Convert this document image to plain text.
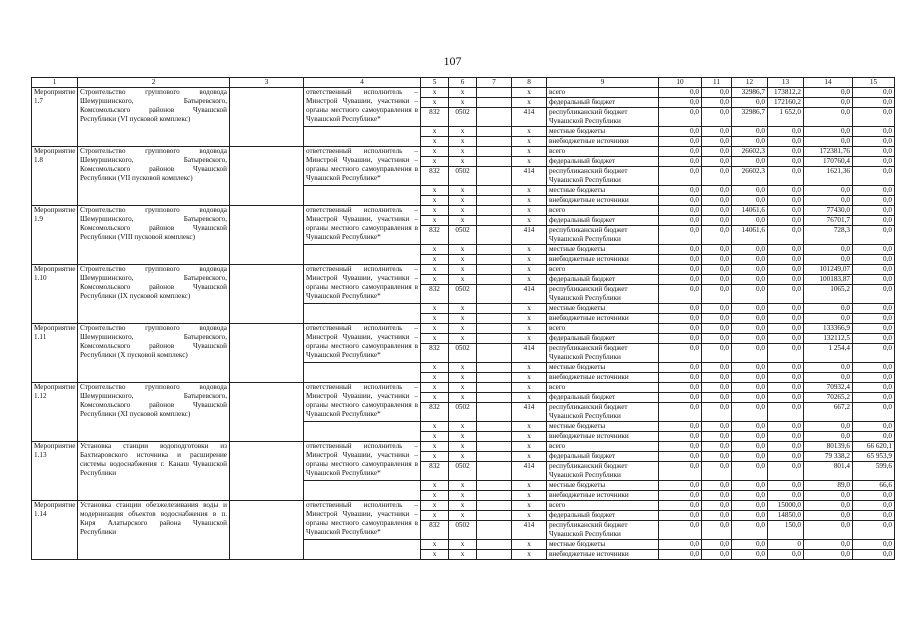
107
1	2	3	4	5	6	7	8	9	10	11	12	13	14	15
Мероприятие 1.7	Строительство группового водовода Шемуршинского, Батыревского, Комсомольского районов Чувашской Республики (VI пусковой комплекс)		ответственный исполнитель – Минстрой Чувашии, участники – органы местного самоуправления в Чувашской Республике*	x	x		x	всего	0,0	0,0	32986,7	173812,2	0,0	0,0
				x	x		x	федеральный бюджет	0,0	0,0	0,0	172160,2	0,0	0,0
				832	0502		414	республиканский бюджет Чувашской Республики	0,0	0,0	32986,7	1 652,0	0,0	0,0
				x	x		x	местные бюджеты	0,0	0,0	0,0	0,0	0,0	0,0
				x	x		x	внебюджетные источники	0,0	0,0	0,0	0,0	0,0	0,0
Мероприятие 1.8	Строительство группового водовода Шемуршинского, Батыревского, Комсомольского районов Чувашской Республики (VII пусковой комплекс)		ответственный исполнитель – Минстрой Чувашии, участники – органы местного самоуправления в Чувашской Республике*	x	x		x	всего	0,0	0,0	26602,3	0,0	172381,76	0,0
				x	x		x	федеральный бюджет	0,0	0,0	0,0	0,0	170760,4	0,0
				832	0502		414	республиканский бюджет Чувашской Республики	0,0	0,0	26602,3	0,0	1621,36	0,0
				x	x		x	местные бюджеты	0,0	0,0	0,0	0,0	0,0	0,0
				x	x		x	внебюджетные источники	0,0	0,0	0,0	0,0	0,0	0,0
Мероприятие 1.9	Строительство группового водовода Шемуршинского, Батыревского, Комсомольского районов Чувашской Республики (VIII пусковой комплекс)		ответственный исполнитель – Минстрой Чувашии, участники – органы местного самоуправления в Чувашской Республике*	x	x		x	всего	0,0	0,0	14061,6	0,0	77430,0	0,0
				x	x		x	федеральный бюджет	0,0	0,0	0,0	0,0	76701,7	0,0
				832	0502		414	республиканский бюджет Чувашской Республики	0,0	0,0	14061,6	0,0	728,3	0,0
				x	x		x	местные бюджеты	0,0	0,0	0,0	0,0	0,0	0,0
				x	x		x	внебюджетные источники	0,0	0,0	0,0	0,0	0,0	0,0
Мероприятие 1.10	Строительство группового водовода Шемуршинского, Батыревского, Комсомольского районов Чувашской Республики (IX пусковой комплекс)		ответственный исполнитель – Минстрой Чувашии, участники – органы местного самоуправления в Чувашской Республике*	x	x		x	всего	0,0	0,0	0,0	0,0	101249,07	0,0
				x	x		x	федеральный бюджет	0,0	0,0	0,0	0,0	100183,87	0,0
				832	0502		414	республиканский бюджет Чувашской Республики	0,0	0,0	0,0	0,0	1065,2	0,0
				x	x		x	местные бюджеты	0,0	0,0	0,0	0,0	0,0	0,0
				x	x		x	внебюджетные источники	0,0	0,0	0,0	0,0	0,0	0,0
Мероприятие 1.11	Строительство группового водовода Шемуршинского, Батыревского, Комсомольского районов Чувашской Республики (X пусковой комплекс)		ответственный исполнитель – Минстрой Чувашии, участники – органы местного самоуправления в Чувашской Республике*	x	x		x	всего	0,0	0,0	0,0	0,0	133366,9	0,0
				x	x		x	федеральный бюджет	0,0	0,0	0,0	0,0	132112,5	0,0
				832	0502		414	республиканский бюджет Чувашской Республики	0,0	0,0	0,0	0,0	1 254,4	0,0
				x	x		x	местные бюджеты	0,0	0,0	0,0	0,0	0,0	0,0
				x	x		x	внебюджетные источники	0,0	0,0	0,0	0,0	0,0	0,0
Мероприятие 1.12	Строительство группового водовода Шемуршинского, Батыревского, Комсомольского районов Чувашской Республики (XI пусковой комплекс)		ответственный исполнитель – Минстрой Чувашии, участники – органы местного самоуправления в Чувашской Республике*	x	x		x	всего	0,0	0,0	0,0	0,0	70932,4	0,0
				x	x		x	федеральный бюджет	0,0	0,0	0,0	0,0	70265,2	0,0
				832	0502		414	республиканский бюджет Чувашской Республики	0,0	0,0	0,0	0,0	667,2	0,0
				x	x		x	местные бюджеты	0,0	0,0	0,0	0,0	0,0	0,0
				x	x		x	внебюджетные источники	0,0	0,0	0,0	0,0	0,0	0,0
Мероприятие 1.13	Установка станции водоподготовки из Бахтиаровского источника и расширение системы водоснабжения г. Канаш Чувашской Республики		ответственный исполнитель – Минстрой Чувашии, участники – органы местного самоуправления в Чувашской Республике*	x	x		x	всего	0,0	0,0	0,0	0,0	80139,6	66 620,1
				x	x		x	федеральный бюджет	0,0	0,0	0,0	0,0	79 338,2	65 953,9
				832	0502		414	республиканский бюджет Чувашской Республики	0,0	0,0	0,0	0,0	801,4	599,6
				x	x		x	местные бюджеты	0,0	0,0	0,0	0,0	89,0	66,6
				x	x		x	внебюджетные источники	0,0	0,0	0,0	0,0	0,0	0,0
Мероприятие 1.14	Установка станции обезжелезивания воды и модернизация объектов водоснабжения в п. Киря Алатырского района Чувашской Республики		ответственный исполнитель – Минстрой Чувашии, участники – органы местного самоуправления в Чувашской Республике*	x	x		x	всего	0,0	0,0	0,0	15000,0	0,0	0,0
				x	x		x	федеральный бюджет	0,0	0,0	0,0	14850,0	0,0	0,0
				832	0502		414	республиканский бюджет Чувашской Республики	0,0	0,0	0,0	150,0	0,0	0,0
				x	x		x	местные бюджеты	0,0	0,0	0,0	0	0,0	0,0
				x	x		x	внебюджетные источники	0,0	0,0	0,0	0,0	0,0	0,0
